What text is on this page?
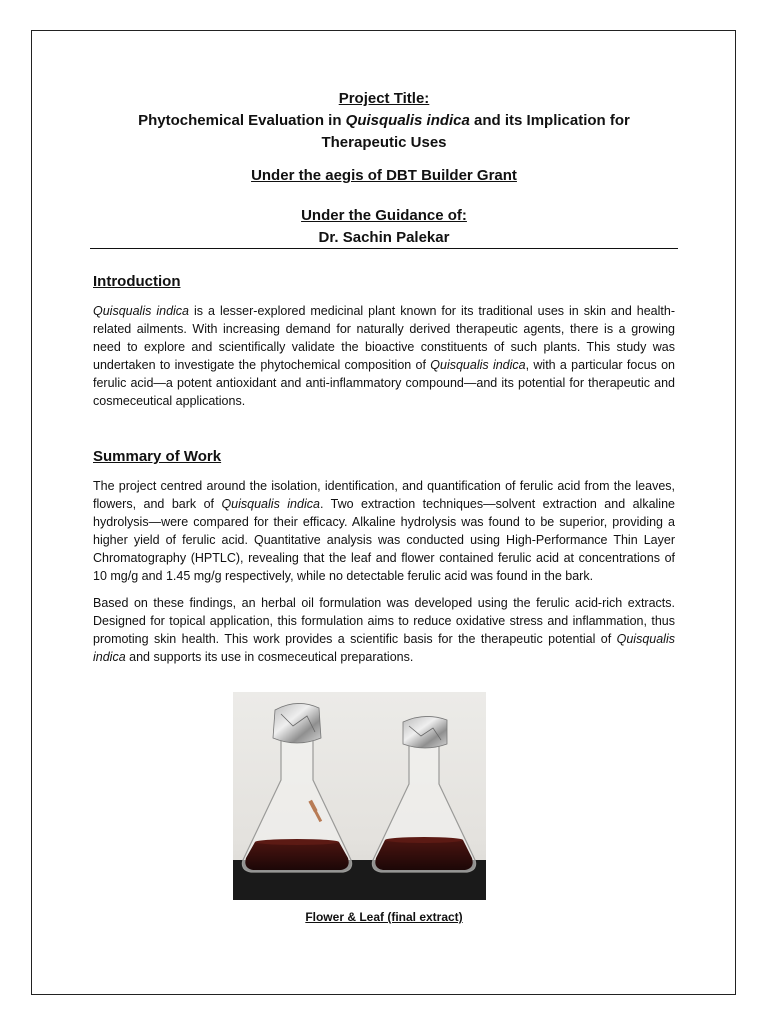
Project Title:

Phytochemical Evaluation in Quisqualis indica and its Implication for

Therapeutic Uses

Under the aegis of DBT Builder Grant

Under the Guidance of:

Dr. Sachin Palekar

Introduction

Quisqualis indica is a lesser-explored medicinal plant known for its traditional uses in skin and health-related ailments. With increasing demand for naturally derived therapeutic agents, there is a growing need to explore and scientifically validate the bioactive constituents of such plants. This study was undertaken to investigate the phytochemical composition of Quisqualis indica, with a particular focus on ferulic acid—a potent antioxidant and anti-inflammatory compound—and its potential for therapeutic and cosmeceutical applications.

Summary of Work

The project centred around the isolation, identification, and quantification of ferulic acid from the leaves, flowers, and bark of Quisqualis indica. Two extraction techniques—solvent extraction and alkaline hydrolysis—were compared for their efficacy. Alkaline hydrolysis was found to be superior, providing a higher yield of ferulic acid. Quantitative analysis was conducted using High-Performance Thin Layer Chromatography (HPTLC), revealing that the leaf and flower contained ferulic acid at concentrations of 10 mg/g and 1.45 mg/g respectively, while no detectable ferulic acid was found in the bark.

Based on these findings, an herbal oil formulation was developed using the ferulic acid-rich extracts. Designed for topical application, this formulation aims to reduce oxidative stress and inflammation, thus promoting skin health. This work provides a scientific basis for the therapeutic potential of Quisqualis indica and supports its use in cosmeceutical preparations.

Flower & Leaf (final extract)
